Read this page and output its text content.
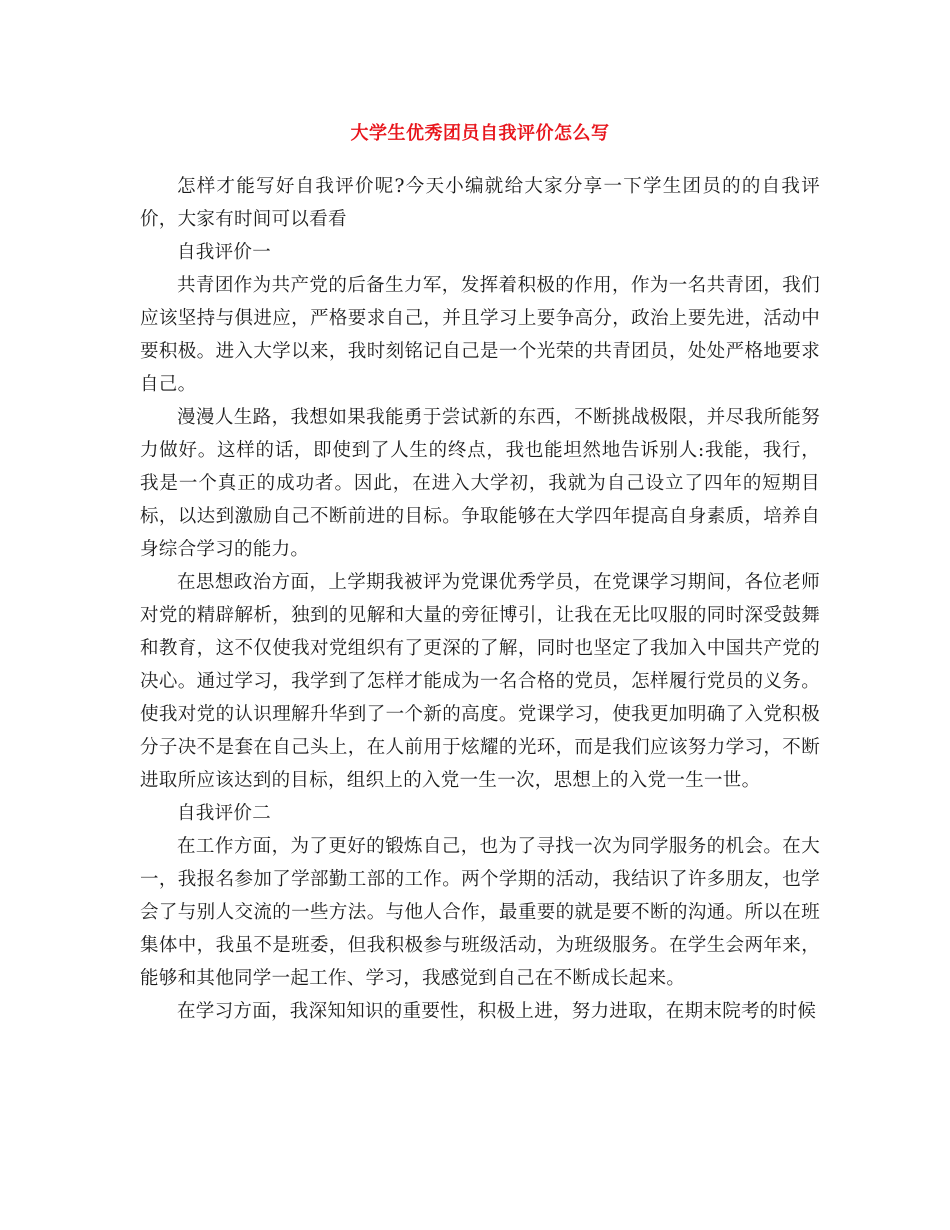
大学生优秀团员自我评价怎么写

怎样才能写好自我评价呢?今天小编就给大家分享一下学生团员的的自我评价，大家有时间可以看看

自我评价一

共青团作为共产党的后备生力军，发挥着积极的作用，作为一名共青团，我们应该坚持与俱进应，严格要求自己，并且学习上要争高分，政治上要先进，活动中要积极。进入大学以来，我时刻铭记自己是一个光荣的共青团员，处处严格地要求自己。

漫漫人生路，我想如果我能勇于尝试新的东西，不断挑战极限，并尽我所能努力做好。这样的话，即使到了人生的终点，我也能坦然地告诉别人:我能，我行，我是一个真正的成功者。因此，在进入大学初，我就为自己设立了四年的短期目标，以达到激励自己不断前进的目标。争取能够在大学四年提高自身素质，培养自身综合学习的能力。

在思想政治方面，上学期我被评为党课优秀学员，在党课学习期间，各位老师对党的精辟解析，独到的见解和大量的旁征博引，让我在无比叹服的同时深受鼓舞和教育，这不仅使我对党组织有了更深的了解，同时也坚定了我加入中国共产党的决心。通过学习，我学到了怎样才能成为一名合格的党员，怎样履行党员的义务。使我对党的认识理解升华到了一个新的高度。党课学习，使我更加明确了入党积极分子决不是套在自己头上，在人前用于炫耀的光环，而是我们应该努力学习，不断进取所应该达到的目标，组织上的入党一生一次，思想上的入党一生一世。

自我评价二

在工作方面，为了更好的锻炼自己，也为了寻找一次为同学服务的机会。在大一，我报名参加了学部勤工部的工作。两个学期的活动，我结识了许多朋友，也学会了与别人交流的一些方法。与他人合作，最重要的就是要不断的沟通。所以在班集体中，我虽不是班委，但我积极参与班级活动，为班级服务。在学生会两年来，能够和其他同学一起工作、学习，我感觉到自己在不断成长起来。

在学习方面，我深知知识的重要性，积极上进，努力进取，在期末院考的时候
